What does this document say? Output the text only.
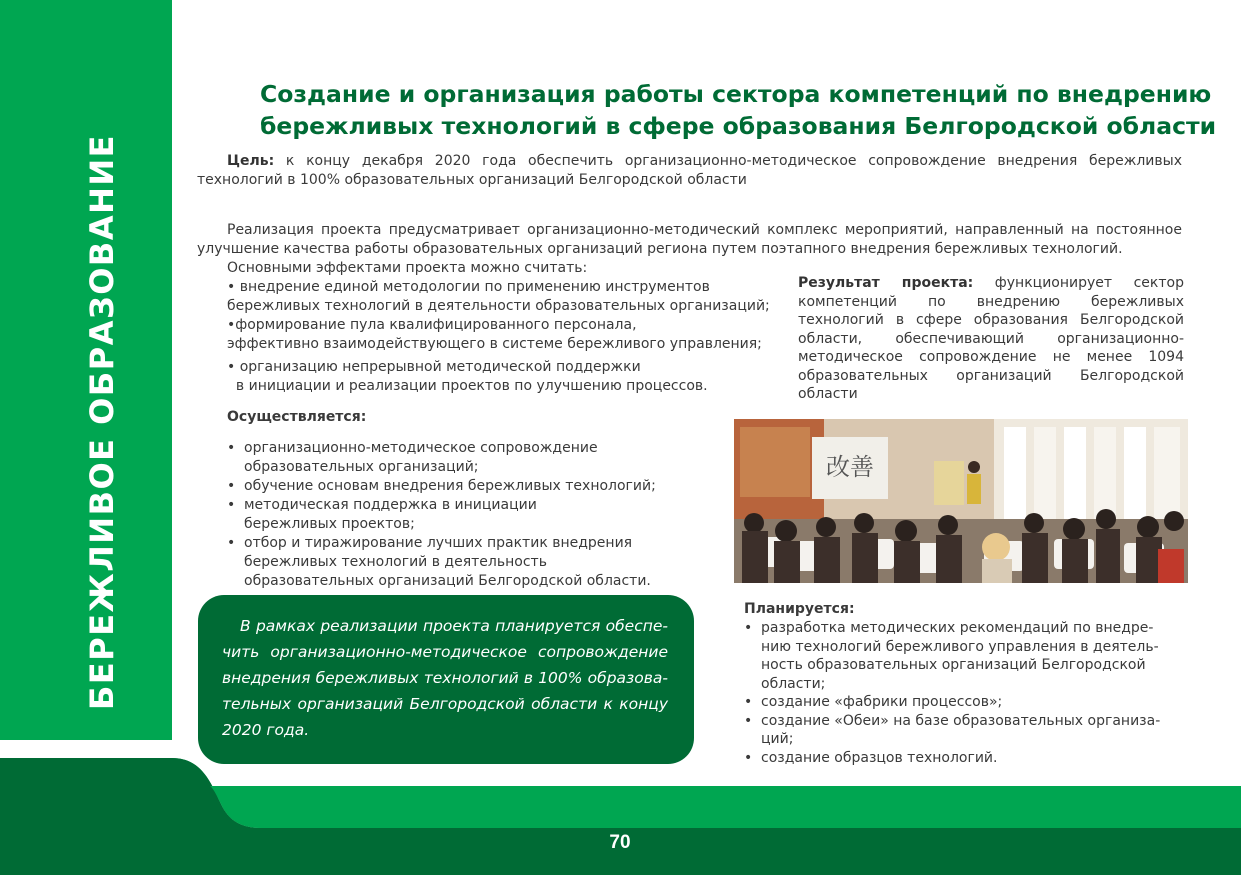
БЕРЕЖЛИВОЕ ОБРАЗОВАНИЕ
70
Создание и организация работы сектора компетенций по внедрению
бережливых технологий в сфере образования Белгородской области
Цель: к концу декабря 2020 года обеспечить организационно-методическое сопровождение внедрения бережливых технологий в 100% образовательных организаций Белгородской области
Реализация проекта предусматривает организационно-методический комплекс мероприятий, направленный на постоянное улучшение качества работы образовательных организаций региона путем поэтапного внедрения бережливых технологий.
Основными эффектами проекта можно считать:
• внедрение единой методологии по применению инструментов
бережливых технологий в деятельности образовательных организаций;
•формирование пула квалифицированного персонала,
эффективно взаимодействующего в системе бережливого управления;
• организацию непрерывной методической поддержки
в инициации и реализации проектов по улучшению процессов.
Результат проекта: функционирует сектор компетенций по внедрению бережливых технологий в сфере образования Белгородской области, обеспечивающий организационно-методическое сопровождение не менее 1094 образовательных организаций Белгородской области
Осуществляется:
• организационно-методическое сопровождение
образовательных организаций;
• обучение основам внедрения бережливых технологий;
• методическая поддержка в инициации
бережливых проектов;
• отбор и тиражирование лучших практик внедрения
бережливых технологий в деятельность
образовательных организаций Белгородской области.
В рамках реализации проекта планируется обеспе-
чить организационно-методическое сопровождение
внедрения бережливых технологий в 100% образова-
тельных организаций Белгородской области к концу
2020 года.
改善
Планируется:
• разработка методических рекомендаций по внедре-
нию технологий бережливого управления в деятель-
ность образовательных организаций Белгородской
области;
• создание «фабрики процессов»;
• создание «Обеи» на базе образовательных организа-
ций;
• создание образцов технологий.
